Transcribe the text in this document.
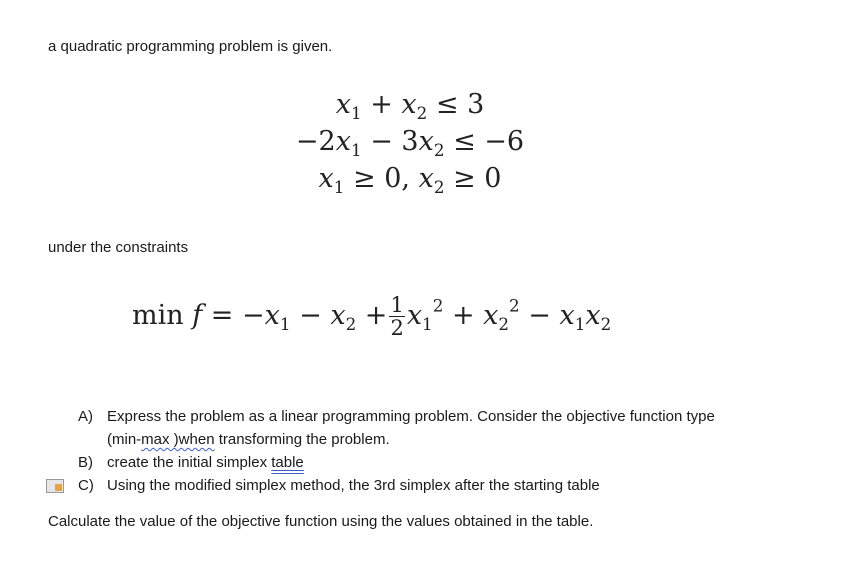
a quadratic programming problem is given.
$x_1 + x_2 \le 3$
$-2x_1 - 3x_2 \le -6$
$x_1 \ge 0$, $x_2 \ge 0$
under the constraints
$\min f = -x_1 - x_2 + \frac{1}{2} x_1^2 + x_2^2 - x_1x_2$
A) Express the problem as a linear programming problem. Consider the objective function type
(min-max )when transforming the problem.
B) create the initial simplex table
C) Using the modified simplex method, the 3rd simplex after the starting table
Calculate the value of the objective function using the values obtained in the table.
